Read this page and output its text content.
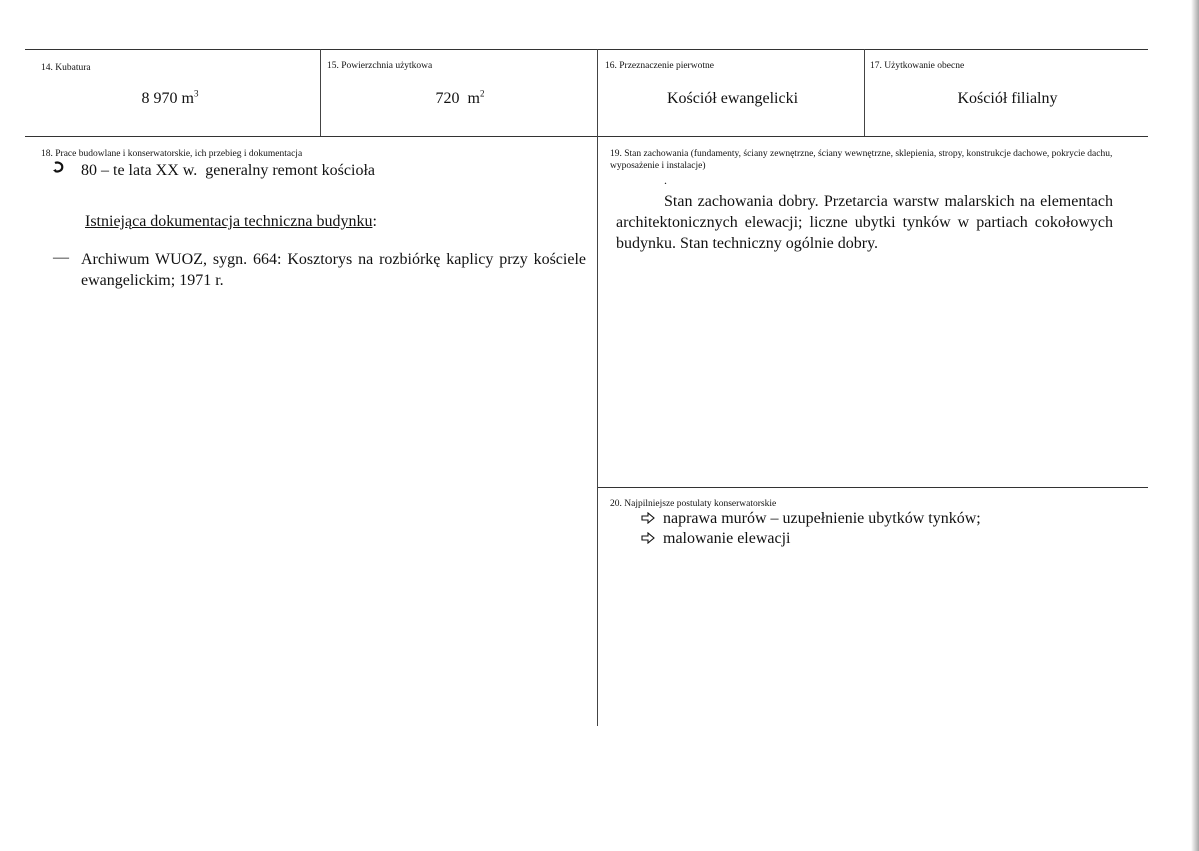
14. Kubatura
8 970 $m^3$
15. Powierzchnia użytkowa
720  $m^2$
16. Przeznaczenie pierwotne
Kościół ewangelicki
17. Użytkowanie obecne
Kościół filialny
18. Prace budowlane i konserwatorskie, ich przebieg i dokumentacja
80 – te lata XX w.  generalny remont kościoła
Istniejąca dokumentacja techniczna budynku:
— Archiwum WUOZ, sygn. 664: Kosztorys na rozbiórkę kaplicy przy kościele ewangelickim; 1971 r.
19. Stan zachowania (fundamenty, ściany zewnętrzne, ściany wewnętrzne, sklepienia, stropy, konstrukcje dachowe, pokrycie dachu, wyposażenie i instalacje)
.
Stan zachowania dobry. Przetarcia warstw malarskich na elementach architektonicznych elewacji; liczne ubytki tynków w partiach cokołowych budynku. Stan techniczny ogólnie dobry.
20. Najpilniejsze postulaty konserwatorskie
naprawa murów – uzupełnienie ubytków tynków;
malowanie elewacji
